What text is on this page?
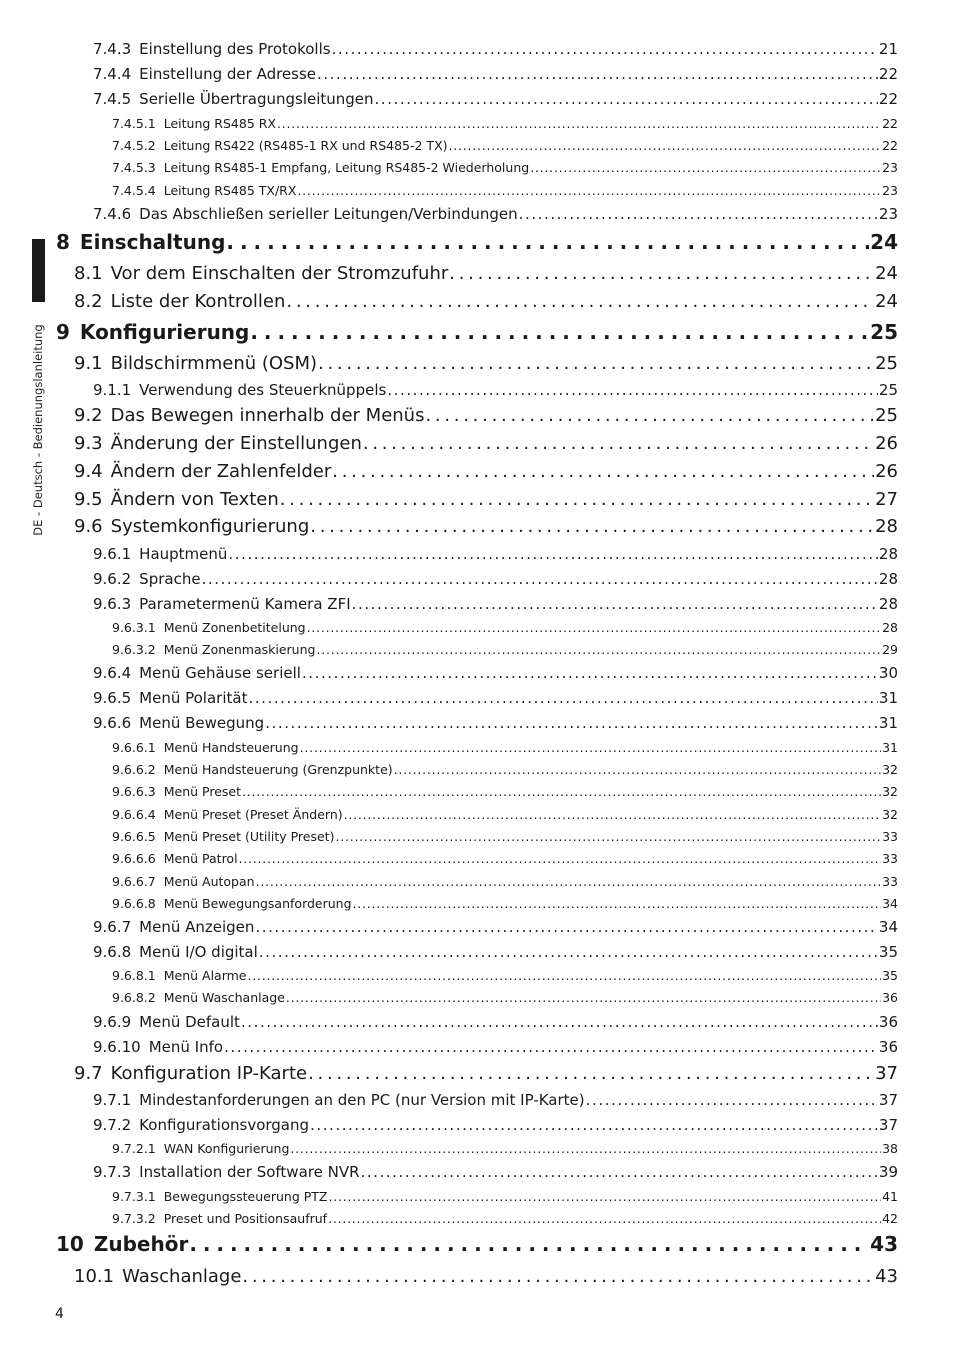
DE - Deutsch - Bedienungslanleitung
7.4.3 Einstellung des Protokolls . . .	21
7.4.4 Einstellung der Adresse . . .	22
7.4.5 Serielle Übertragungsleitungen . . .	22
7.4.5.1 Leitung RS485 RX . . .	22
7.4.5.2 Leitung RS422 (RS485-1 RX und RS485-2 TX) . . .	22
7.4.5.3 Leitung RS485-1 Empfang, Leitung RS485-2 Wiederholung . . .	23
7.4.5.4 Leitung RS485 TX/RX . . .	23
7.4.6 Das Abschließen serieller Leitungen/Verbindungen . . .	23
8 Einschaltung . . .	24
8.1 Vor dem Einschalten der Stromzufuhr . . .	24
8.2 Liste der Kontrollen . . .	24
9 Konfigurierung . . .	25
9.1 Bildschirmmenü (OSM) . . .	25
9.1.1 Verwendung des Steuerknüppels . . .	25
9.2 Das Bewegen innerhalb der Menüs . . .	25
9.3 Änderung der Einstellungen . . .	26
9.4 Ändern der Zahlenfelder . . .	26
9.5 Ändern von Texten . . .	27
9.6 Systemkonfigurierung . . .	28
9.6.1 Hauptmenü . . .	28
9.6.2 Sprache . . .	28
9.6.3 Parametermenü Kamera ZFI . . .	28
9.6.3.1 Menü Zonenbetitelung . . .	28
9.6.3.2 Menü Zonenmaskierung . . .	29
9.6.4 Menü Gehäuse seriell . . .	30
9.6.5 Menü Polarität . . .	31
9.6.6 Menü Bewegung . . .	31
9.6.6.1 Menü Handsteuerung . . .	31
9.6.6.2 Menü Handsteuerung (Grenzpunkte) . . .	32
9.6.6.3 Menü Preset . . .	32
9.6.6.4 Menü Preset (Preset Ändern) . . .	32
9.6.6.5 Menü Preset (Utility Preset) . . .	33
9.6.6.6 Menü Patrol . . .	33
9.6.6.7 Menü Autopan . . .	33
9.6.6.8 Menü Bewegungsanforderung . . .	34
9.6.7 Menü Anzeigen . . .	34
9.6.8 Menü I/O digital . . .	35
9.6.8.1 Menü Alarme . . .	35
9.6.8.2 Menü Waschanlage . . .	36
9.6.9 Menü Default . . .	36
9.6.10 Menü Info . . .	36
9.7 Konfiguration IP-Karte . . .	37
9.7.1 Mindestanforderungen an den PC (nur Version mit IP-Karte) . . .	37
9.7.2 Konfigurationsvorgang . . .	37
9.7.2.1 WAN Konfigurierung . . .	38
9.7.3 Installation der Software NVR . . .	39
9.7.3.1 Bewegungssteuerung PTZ . . .	41
9.7.3.2 Preset und Positionsaufruf . . .	42
10 Zubehör . . .	43
10.1 Waschanlage . . .	43
4
